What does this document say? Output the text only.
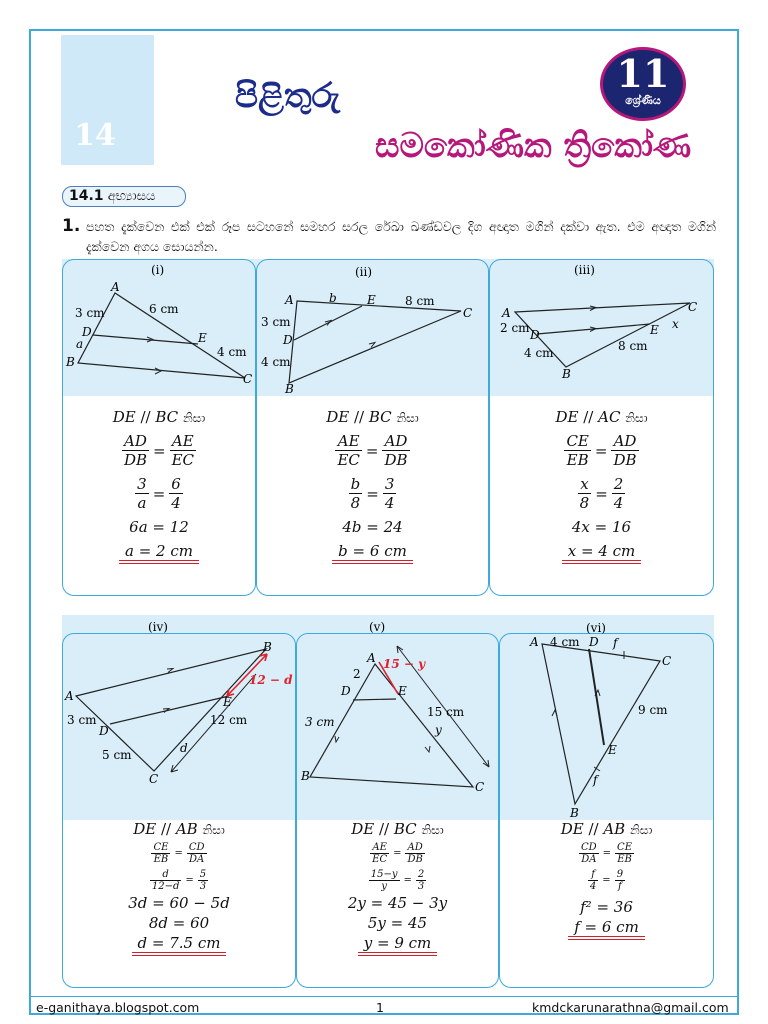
14
පිළිතුරු
සමකෝණික ත්‍රිකෝණ
11
ශ්‍රේණිය
14.1 අභ්‍යාසය
1. පහත දැක්වෙන එක් එක් රූප සටහනේ සමහර සරල රේඛා ඛණ්ඩවල දිග අඥාත මගින් දක්වා ඇත. එම අඥාත මගින් දැක්වෙන අගය සොයන්න.
(i)
A
B
C
D	E
3 cm	6 cm
a
4 cm
DE // BC නිසා
$\frac{AD}{DB} = \frac{AE}{EC}$
$\frac{3}{a} = \frac{6}{4}$
6a = 12
a = 2 cm
(ii)
A
B
C
D
E
b	8 cm
3 cm
4 cm
DE // BC නිසා
$\frac{AE}{EC} = \frac{AD}{DB}$
$\frac{b}{8} = \frac{3}{4}$
4b = 24
b = 6 cm
(iii)
A
B
C
D	E
2 cm
4 cm	8 cm
x
DE // AC නිසා
$\frac{CE}{EB} = \frac{AD}{DB}$
$\frac{x}{8} = \frac{2}{4}$
4x = 16
x = 4 cm
(iv)
A
B
C
D
E
3 cm
5 cm
12 cm
d
12 − d
DE // AB නිසා
$\frac{CE}{EB} = \frac{CD}{DA}$
$\frac{d}{12-d} = \frac{5}{3}$
3d = 60 − 5d
8d = 60
d = 7.5 cm
(v)
A
B
C
D	E
2
3 cm
15 cm
y
15 − y
DE // BC නිසා
$\frac{AE}{EC} = \frac{AD}{DB}$
$\frac{15-y}{y} = \frac{2}{3}$
2y = 45 − 3y
5y = 45
y = 9 cm
(vi)
A
B
C
D
E
4 cm	f
9 cm
f
DE // AB නිසා
$\frac{CD}{DA} = \frac{CE}{EB}$
$\frac{f}{4} = \frac{9}{f}$
f² = 36
f = 6 cm
e-ganithaya.blogspot.com	1	kmdckarunarathna@gmail.com
